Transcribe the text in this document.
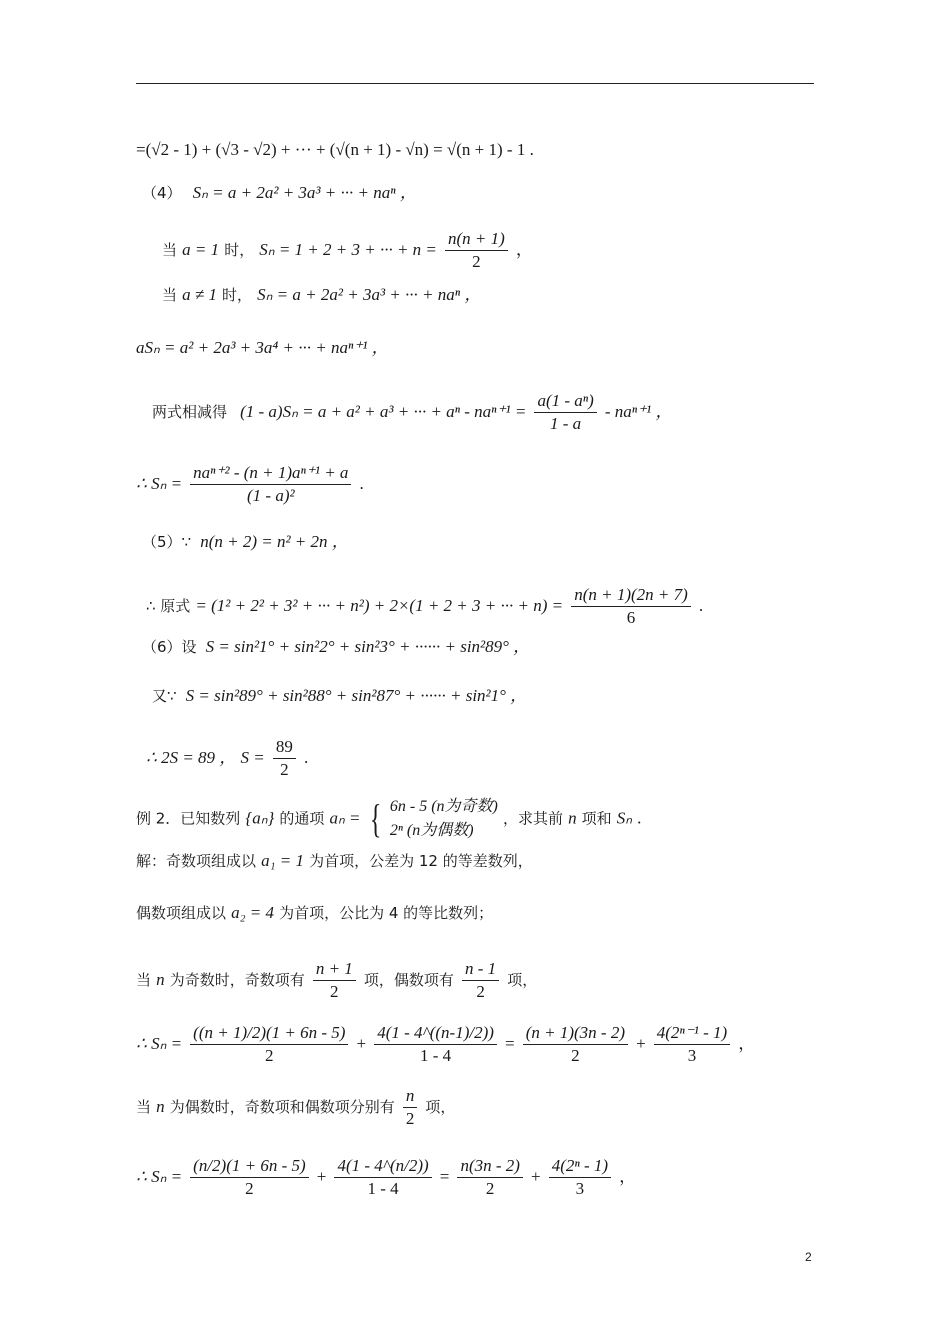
=(√2 - 1) + (√3 - √2) + ··· + (√(n + 1) - √n) = √(n + 1) - 1 .
（4） Sₙ = a + 2a² + 3a³ + ··· + naⁿ ，
当 a = 1 时， Sₙ = 1 + 2 + 3 + ··· + $n = \frac{n(n + 1)}{2}$ ，
当 a ≠ 1 时， Sₙ = a + 2a² + 3a³ + ··· + naⁿ ，
aSₙ = a² + 2a³ + 3a⁴ + ··· + naⁿ⁺¹ ，
两式相减得 (1 - a)Sₙ = a + a² + a³ + ··· + $a^n - na^{n+1} = \frac{\text{a(1 - aⁿ)}}{1 - a} - na^{n+1}$ ，
∴ $S_n = \frac{\text{naⁿ⁺² - (n + 1)aⁿ⁺¹ + a}}{\text{(1 - a)²}}$ .
（5）∵ n(n + 2) = n² + 2n ，
∴ 原式 = (1² + 2² + 3² + ··· + n²) + 2×(1 + 2 + 3 + ··· + $n) = \frac{n(n + 1)(2n + 7)}{6}$ .
（6）设 S = sin²1° + sin²2° + sin²3° + ······ + sin²89° ，
又∵ S = sin²89° + sin²88° + sin²87° + ······ + sin²1° ，
∴ 2S = 89 ， $S = \frac{89}{2}$ .
例 2．已知数列 {aₙ} 的通项 aₙ = { 6n - 5 (n为奇数)
2ⁿ (n为偶数)
，求其前 n 项和 Sₙ .
解：奇数项组成以 a₁ = 1 为首项，公差为 12 的等差数列，
偶数项组成以 a₂ = 4 为首项，公比为 4 的等比数列；
当 n 为奇数时，奇数项有 $\frac{n + 1}{2}$ 项，偶数项有 $\frac{n - 1}{2}$ 项，
∴ $S_n = \frac{((n + 1)/2)(1 + 6n - 5)}{2} + \frac{4(1 - 4\^{}((n-1)/2))}{1 - 4} = \frac{(n + 1)(3n - 2)}{2} + \frac{\text{4(2ⁿ⁻¹ - 1)}}{3}$ ，
当 n 为偶数时，奇数项和偶数项分别有 $\frac{n}{2}$ 项，
∴ $S_n = \frac{(n/2)(1 + 6n - 5)}{2} + \frac{4(1 - 4\^{}(n/2))}{1 - 4} = \frac{n(3n - 2)}{2} + \frac{\text{4(2ⁿ - 1)}}{3}$ ，
2
